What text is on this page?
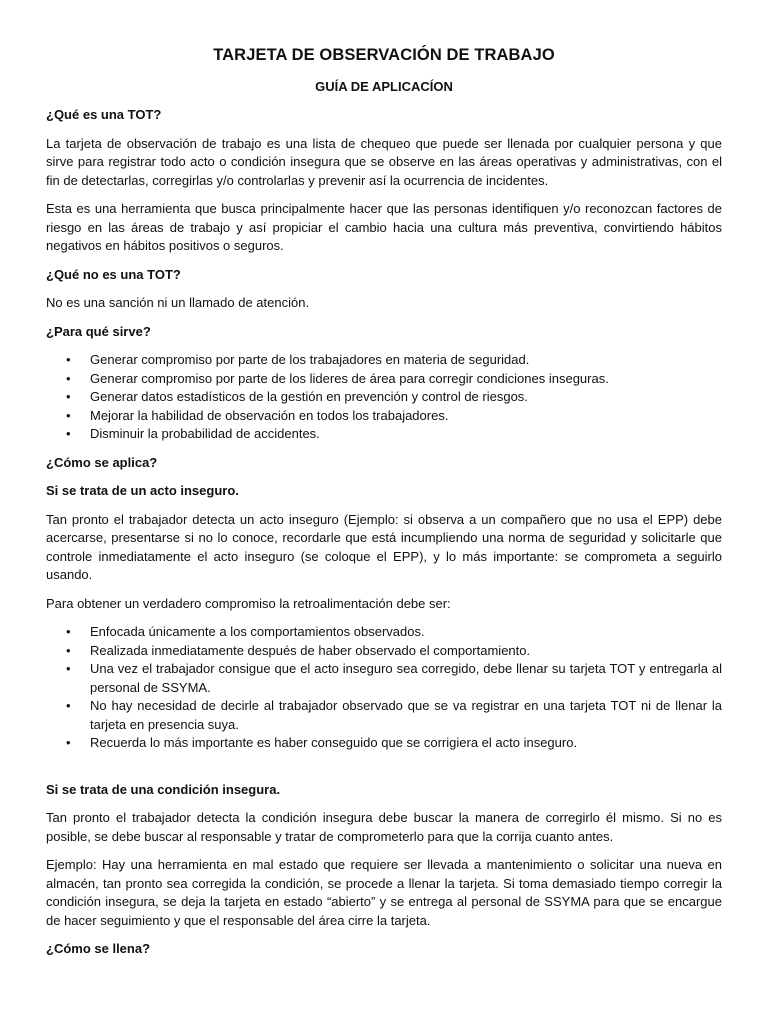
TARJETA DE OBSERVACIÓN DE TRABAJO
GUÍA DE APLICACÍON
¿Qué es una TOT?

La tarjeta de observación de trabajo es una lista de chequeo que puede ser llenada por cualquier persona y que sirve para registrar todo acto o condición insegura que se observe en las áreas operativas y administrativas, con el fin de detectarlas, corregirlas y/o controlarlas y prevenir así la ocurrencia de incidentes.

Esta es una herramienta que busca principalmente hacer que las personas identifiquen y/o reconozcan factores de riesgo en las áreas de trabajo y así propiciar el cambio hacia una cultura más preventiva, convirtiendo hábitos negativos en hábitos positivos o seguros.

¿Qué no es una TOT?

No es una sanción ni un llamado de atención.

¿Para qué sirve?
• Generar compromiso por parte de los trabajadores en materia de seguridad.
• Generar compromiso por parte de los lideres de área para corregir condiciones inseguras.
• Generar datos estadísticos de la gestión en prevención y control de riesgos.
• Mejorar la habilidad de observación en todos los trabajadores.
• Disminuir la probabilidad de accidentes.
¿Cómo se aplica?
Si se trata de un acto inseguro.

Tan pronto el trabajador detecta un acto inseguro (Ejemplo: si observa a un compañero que no usa el EPP) debe acercarse, presentarse si no lo conoce, recordarle que está incumpliendo una norma de seguridad y solicitarle que controle inmediatamente el acto inseguro (se coloque el EPP), y lo más importante: se comprometa a seguirlo usando.

Para obtener un verdadero compromiso la retroalimentación debe ser:

• Enfocada únicamente a los comportamientos observados.
• Realizada inmediatamente después de haber observado el comportamiento.
• Una vez el trabajador consigue que el acto inseguro sea corregido, debe llenar su tarjeta TOT y entregarla al personal de SSYMA.
• No hay necesidad de decirle al trabajador observado que se va registrar en una tarjeta TOT ni de llenar la tarjeta en presencia suya.
• Recuerda lo más importante es haber conseguido que se corrigiera el acto inseguro.
Si se trata de una condición insegura.

Tan pronto el trabajador detecta la condición insegura debe buscar la manera de corregirlo él mismo. Si no es posible, se debe buscar al responsable y tratar de comprometerlo para que la corrija cuanto antes.

Ejemplo: Hay una herramienta en mal estado que requiere ser llevada a mantenimiento o solicitar una nueva en almacén, tan pronto sea corregida la condición, se procede a llenar la tarjeta. Si toma demasiado tiempo corregir la condición insegura, se deja la tarjeta en estado “abierto” y se entrega al personal de SSYMA para que se encargue de hacer seguimiento y que el responsable del área cirre la tarjeta.

¿Cómo se llena?
